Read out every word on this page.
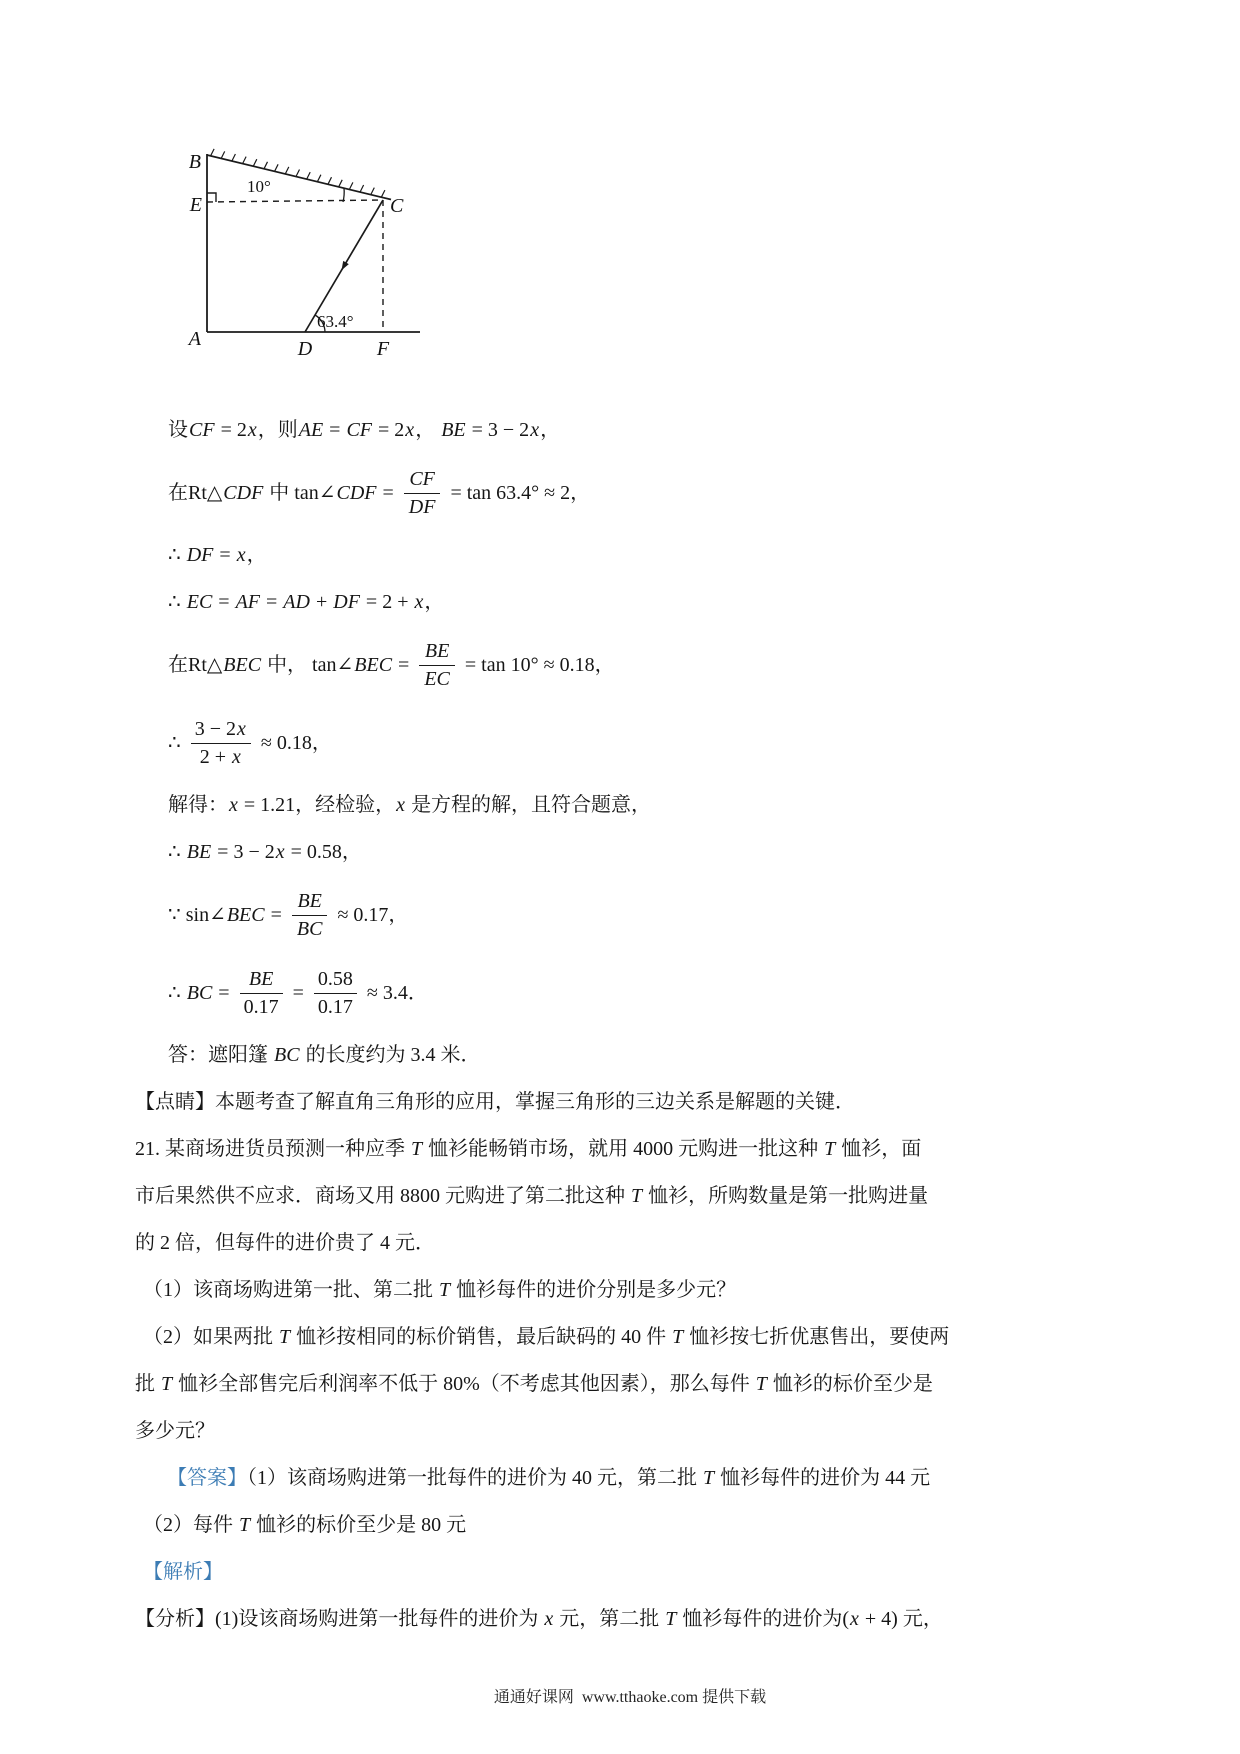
B
E
A
C
D	F
10°
63.4°

设CF = 2x，则AE = CF = 2x， BE = 3 − 2x，

在Rt△ CDF 中 tan∠ CDF = $\frac{CF}{DF} = \tan 63.4^\circ \approx 2$，

∴ DF = x，

∴ EC = AF = AD + DF = 2 + x，

在Rt△ BEC 中， tan∠ BEC = $\frac{BE}{EC} = \tan 10^\circ \approx 0.18$，

∴ $\frac{3 - 2x}{2 + x} \approx 0.18$，

解得：x = 1.21，经检验，x 是方程的解，且符合题意，

∴ BE = 3 − 2x = 0.58，

∵ sin∠ BEC = $\frac{BE}{BC} \approx 0.17$，

∴ BC = $\frac{BE}{0.17} = \frac{0.58}{0.17} \approx 3.4$．

答：遮阳篷 BC 的长度约为 3.4 米．

【点睛】本题考查了解直角三角形的应用，掌握三角形的三边关系是解题的关键．

21. 某商场进货员预测一种应季 T 恤衫能畅销市场，就用 4000 元购进一批这种 T 恤衫，面

市后果然供不应求．商场又用 8800 元购进了第二批这种 T 恤衫，所购数量是第一批购进量

的 2 倍，但每件的进价贵了 4 元．

（1）该商场购进第一批、第二批 T 恤衫每件的进价分别是多少元？

（2）如果两批 T 恤衫按相同的标价销售，最后缺码的 40 件 T 恤衫按七折优惠售出，要使两

批 T 恤衫全部售完后利润率不低于 80%（不考虑其他因素），那么每件 T 恤衫的标价至少是

多少元？

【答案】（1）该商场购进第一批每件的进价为 40 元，第二批 T 恤衫每件的进价为 44 元

（2）每件 T 恤衫的标价至少是 80 元

【解析】

【分析】(1)设该商场购进第一批每件的进价为 x 元，第二批 T 恤衫每件的进价为(x + 4) 元，

通通好课网  www.tthaoke.com 提供下载
